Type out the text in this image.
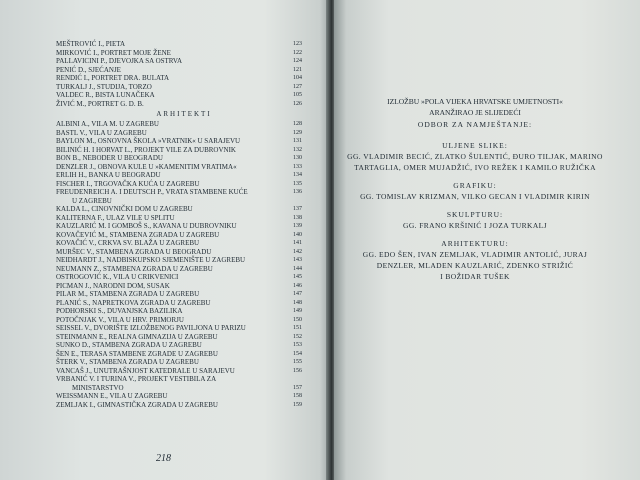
MEŠTROVIĆ I., PIETA	123
MIRKOVIĆ I., PORTRET MOJE ŽENE	122
PALLAVICINI P., DJEVOJKA SA OSTRVA	124
PENIĆ D., SJEĆANJE	121
RENDIĆ I., PORTRET DRA. BULATA	104
TURKALJ J., STUDIJA, TORZO	127
VALDEC R., BISTA LUNAČEKA	105
ŽIVIĆ M., PORTRET G. D. B.	126
ARHITEKTI
ALBINI A., VILA M. U ZAGREBU	128
BASTL V., VILA U ZAGREBU	129
BAYLON M., OSNOVNA ŠKOLA »VRATNIK« U SARAJEVU	131
BILINIĆ H. I HORVAT L., PROJEKT VILE ZA DUBROVNIK	132
BON B., NEBODER U BEOGRADU	130
DENZLER J., OBNOVA KULE U »KAMENITIM VRATIMA«	133
ERLIH H., BANKA U BEOGRADU	134
FISCHER I., TRGOVAČKA KUĆA U ZAGREBU	135
FREUDENREICH A. I DEUTSCH P., VRATA STAMBENE KUĆE	136
U ZAGREBU
KALDA L., CINOVNIČKI DOM U ZAGREBU	137
KALITERNA F., ULAZ VILE U SPLITU	138
KAUZLARIĆ M. I GOMBOŠ S., KAVANA U DUBROVNIKU	139
KOVAČEVIĆ M., STAMBENA ZGRADA U ZAGREBU	140
KOVAČIĆ V., CRKVA SV. BLAŽA U ZAGREBU	141
MURŠEC V., STAMBENA ZGRADA U BEOGRADU	142
NEIDHARDT J., NADBISKUPSKO SJEMENIŠTE U ZAGREBU	143
NEUMANN Z., STAMBENA ZGRADA U ZAGREBU	144
OSTROGOVIĆ K., VILA U CRIKVENICI	145
PICMAN J., NARODNI DOM, SUSAK	146
PILAR M., STAMBENA ZGRADA U ZAGREBU	147
PLANIĆ S., NAPRETKOVA ZGRADA U ZAGREBU	148
PODHORSKI S., DUVANJSKA BAZILIKA	149
POTOČNJAK V., VILA U HRV. PRIMORJU	150
SEISSEL V., DVORIŠTE IZLOŽBENOG PAVILJONA U PARIZU	151
STEINMANN E., REALNA GIMNAZIJA U ZAGREBU	152
SUNKO D., STAMBENA ZGRADA U ZAGREBU	153
ŠEN E., TERASA STAMBENE ZGRADE U ZAGREBU	154
ŠTERK V., STAMBENA ZGRADA U ZAGREBU	155
VANCAŠ J., UNUTRAŠNJOST KATEDRALE U SARAJEVU	156
VRBANIĆ V. I TURINA V., PROJEKT VESTIBILA ZA
MINISTARSTVO	157
WEISSMANN E., VILA U ZAGREBU	158
ZEMLJAK I., GIMNASTIČKA ZGRADA U ZAGREBU	159
218
IZLOŽBU »POLA VIJEKA HRVATSKE UMJETNOSTI«
ARANŽIRAO JE SLIJEDEĆI
ODBOR ZA NAMJEŠTANJE:
ULJENE SLIKE:
GG. VLADIMIR BECIĆ, ZLATKO ŠULENTIĆ, ĐURO TILJAK, MARINO
TARTAGLIA, OMER MUJADŽIĆ, IVO REŽEK I KAMILO RUŽIČKA
GRAFIKU:
GG. TOMISLAV KRIZMAN, VILKO GECAN I VLADIMIR KIRIN
SKULPTURU:
GG. FRANO KRŠINIĆ I JOZA TURKALJ
ARHITEKTURU:
GG. EDO ŠEN, IVAN ZEMLJAK, VLADIMIR ANTOLIĆ, JURAJ
DENZLER, MLADEN KAUZLARIĆ, ZDENKO STRIŽIĆ
I BOŽIDAR TUŠEK
